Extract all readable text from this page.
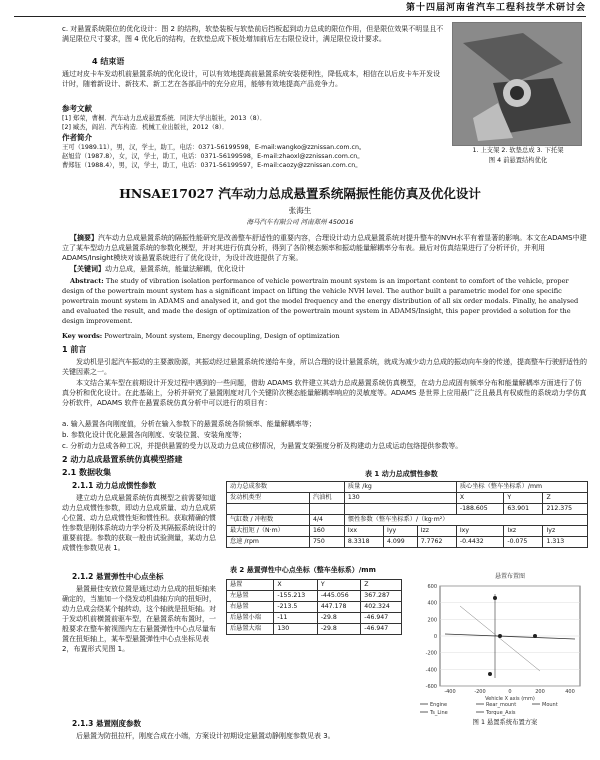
第十四届河南省汽车工程科技学术研讨会
c. 对悬置系统限位的优化设计：图 2 的结构，软垫装板与软垫前后挡板起到动力总成的限位作用，但是限位效果不明显且不满足限位尺寸要求，图 4 优化后的结构，在软垫总成下板处增加前后左右限位设计，满足限位设计要求。
4 结束语
通过对皮卡车发动机前悬置系统的优化设计，可以有效地提高前悬置系统安装便利性，降低成本，相信在以后皮卡车开发设计时，随着新设计、新技术、新工艺在各部品中的充分应用，能够有效地提高产品竞争力。
参考文献
[1] 郑荣，曹桐．汽车动力总成悬置系统．同济大学出版社，2013（8）．
[2] 臧杰，阎岩．汽车构造．机械工业出版社，2012（8）．
作者简介
王可（1989.11），男，汉，学士，助工，电话：0371-56199598，E-mail:wangko@zznissan.com.cn。
赵旭营（1987.8），女，汉，学士，助工，电话：0371-56199598，E-mail:zhaoxl@zznissan.com.cn。
曹郑钰（1988.4），男，汉，学士，助工，电话：0371-56199597，E-mail:caozy@zznissan.com.cn。
1. 上支架 2. 软垫总成 3. 下托架
图 4 前悬置结构优化
HNSAE17027 汽车动力总成悬置系统隔振性能仿真及优化设计
张海生
海马汽车有限公司 河南郑州 450016
【摘要】汽车动力总成悬置系统的隔振性能研究是改善整车舒适性的重要内容，合理设计动力总成悬置系统对提升整车的NVH水平有着显著的影响。本文在ADAMS中建立了某车型动力总成悬置系统的参数化模型，并对其进行仿真分析，得到了各阶模态频率和振动能量解耦率分布表。最后对仿真结果进行了分析评价，并利用ADAMS/Insight模块对该悬置系统进行了优化设计，为设计改进提供了方案。
【关键词】动力总成，悬置系统，能量法解耦，优化设计
Abstract: The study of vibration isolation performance of vehicle powertrain mount system is an important content to comfort of the vehicle, proper design of the powertrain mount system has a significant impact on lifting the vehicle NVH level. The author built a parametric model for one specific powertrain mount system in ADAMS and analysed it, and got the model frequency and the energy distribution of all six order modals. Finally, he analysed and evaluated the result, and made the design of optimization of the powertrain mount system in ADAMS/Insight, this paper provided a solution for the design improvement.
Key words: Powertrain, Mount system, Energy decoupling, Design of optimization
1 前言
发动机是引起汽车振动的主要激励源，其振动经过悬置系统传递给车身，所以合理的设计悬置系统，就成为减少动力总成的振动向车身的传递，提高整车行驶舒适性的关键因素之一。
本文结合某车型在前期设计开发过程中遇到的一些问题，借助 ADAMS 软件建立其动力总成悬置系统仿真模型，在动力总成固有频率分布和能量解耦率方面进行了仿真分析和优化设计。在此基础上，分析并研究了悬置刚度对几个关键阶次模态能量解耦率响应的灵敏度等。ADAMS 是世界上应用最广泛且最具有权威性的系统动力学仿真分析软件，ADAMS 软件在悬置系统仿真分析中可以进行的项目有：
a. 输入悬置各向刚度值，分析在输入参数下的悬置系统各阶频率、能量解耦率等；
b. 参数化设计优化悬置各向刚度、安装位置、安装角度等；
c. 分析动力总成各种工况，并提供悬置的受力以及动力总成位移情况，为悬置支架强度分析及构建动力总成运动包络提供参数等。
2 动力总成悬置系统仿真模型搭建
2.1 数据收集
2.1.1 动力总成惯性参数
建立动力总成悬置系统仿真模型之前需要知道动力总成惯性参数，即动力总成质量、动力总成质心位置、动力总成惯性矩和惯性积。获取精确的惯性参数是刚体系统动力学分析及其隔振系统设计的重要前提。参数的获取一般由试验测量，某动力总成惯性参数见表 1。
2.1.2 悬置弹性中心点坐标
悬置最佳安放位置是通过动力总成的扭矩轴来确定的，当施加一个绕发动机曲轴方向的扭矩时，动力总成会绕某个轴转动，这个轴就是扭矩轴。对于发动机前横置前驱车型，在悬置系统布置时，一般要求在整车俯视图内左右悬置弹性中心点尽量布置在扭矩轴上，某车型悬置弹性中心点坐标见表 2，布置形式见图 1。
2.1.3 悬置刚度参数
后悬置为防扭拉杆，刚度合成在小端，方案设计初期设定悬置动静刚度参数见表 3。
表 1 动力总成惯性参数
动力总成参数		质量 /kg			质心坐标（整车坐标系）/mm		
发动机类型	汽油机	130			X	Y	Z
					-188.605	63.901	212.375
气缸数 / 冲程数	4/4	惯性参数（整车坐标系）/（kg·m²）					
最大扭矩 /（N·m）	160	Ixx	Iyy	Izz	Ixy	Ixz	Iyz
怠速 /rpm	750	8.3318	4.099	7.7762	-0.4432	-0.075	1.313
表 2 悬置弹性中心点坐标（整车坐标系）/mm
悬置	X	Y	Z
左悬置	-155.213	-445.056	367.287
右悬置	-213.5	447.178	402.324
后悬置小端	-11	-29.8	-46.947
后悬置大端	130	-29.8	-46.947
悬置布置图
600
400
200
0
-200
-400
-600
-400	-200	0	200	400
Vehicle X axis (mm)
Engine	Rear_mount	Mount
Ts_Line	Torque_Axis
图 1 悬置系统布置方案
